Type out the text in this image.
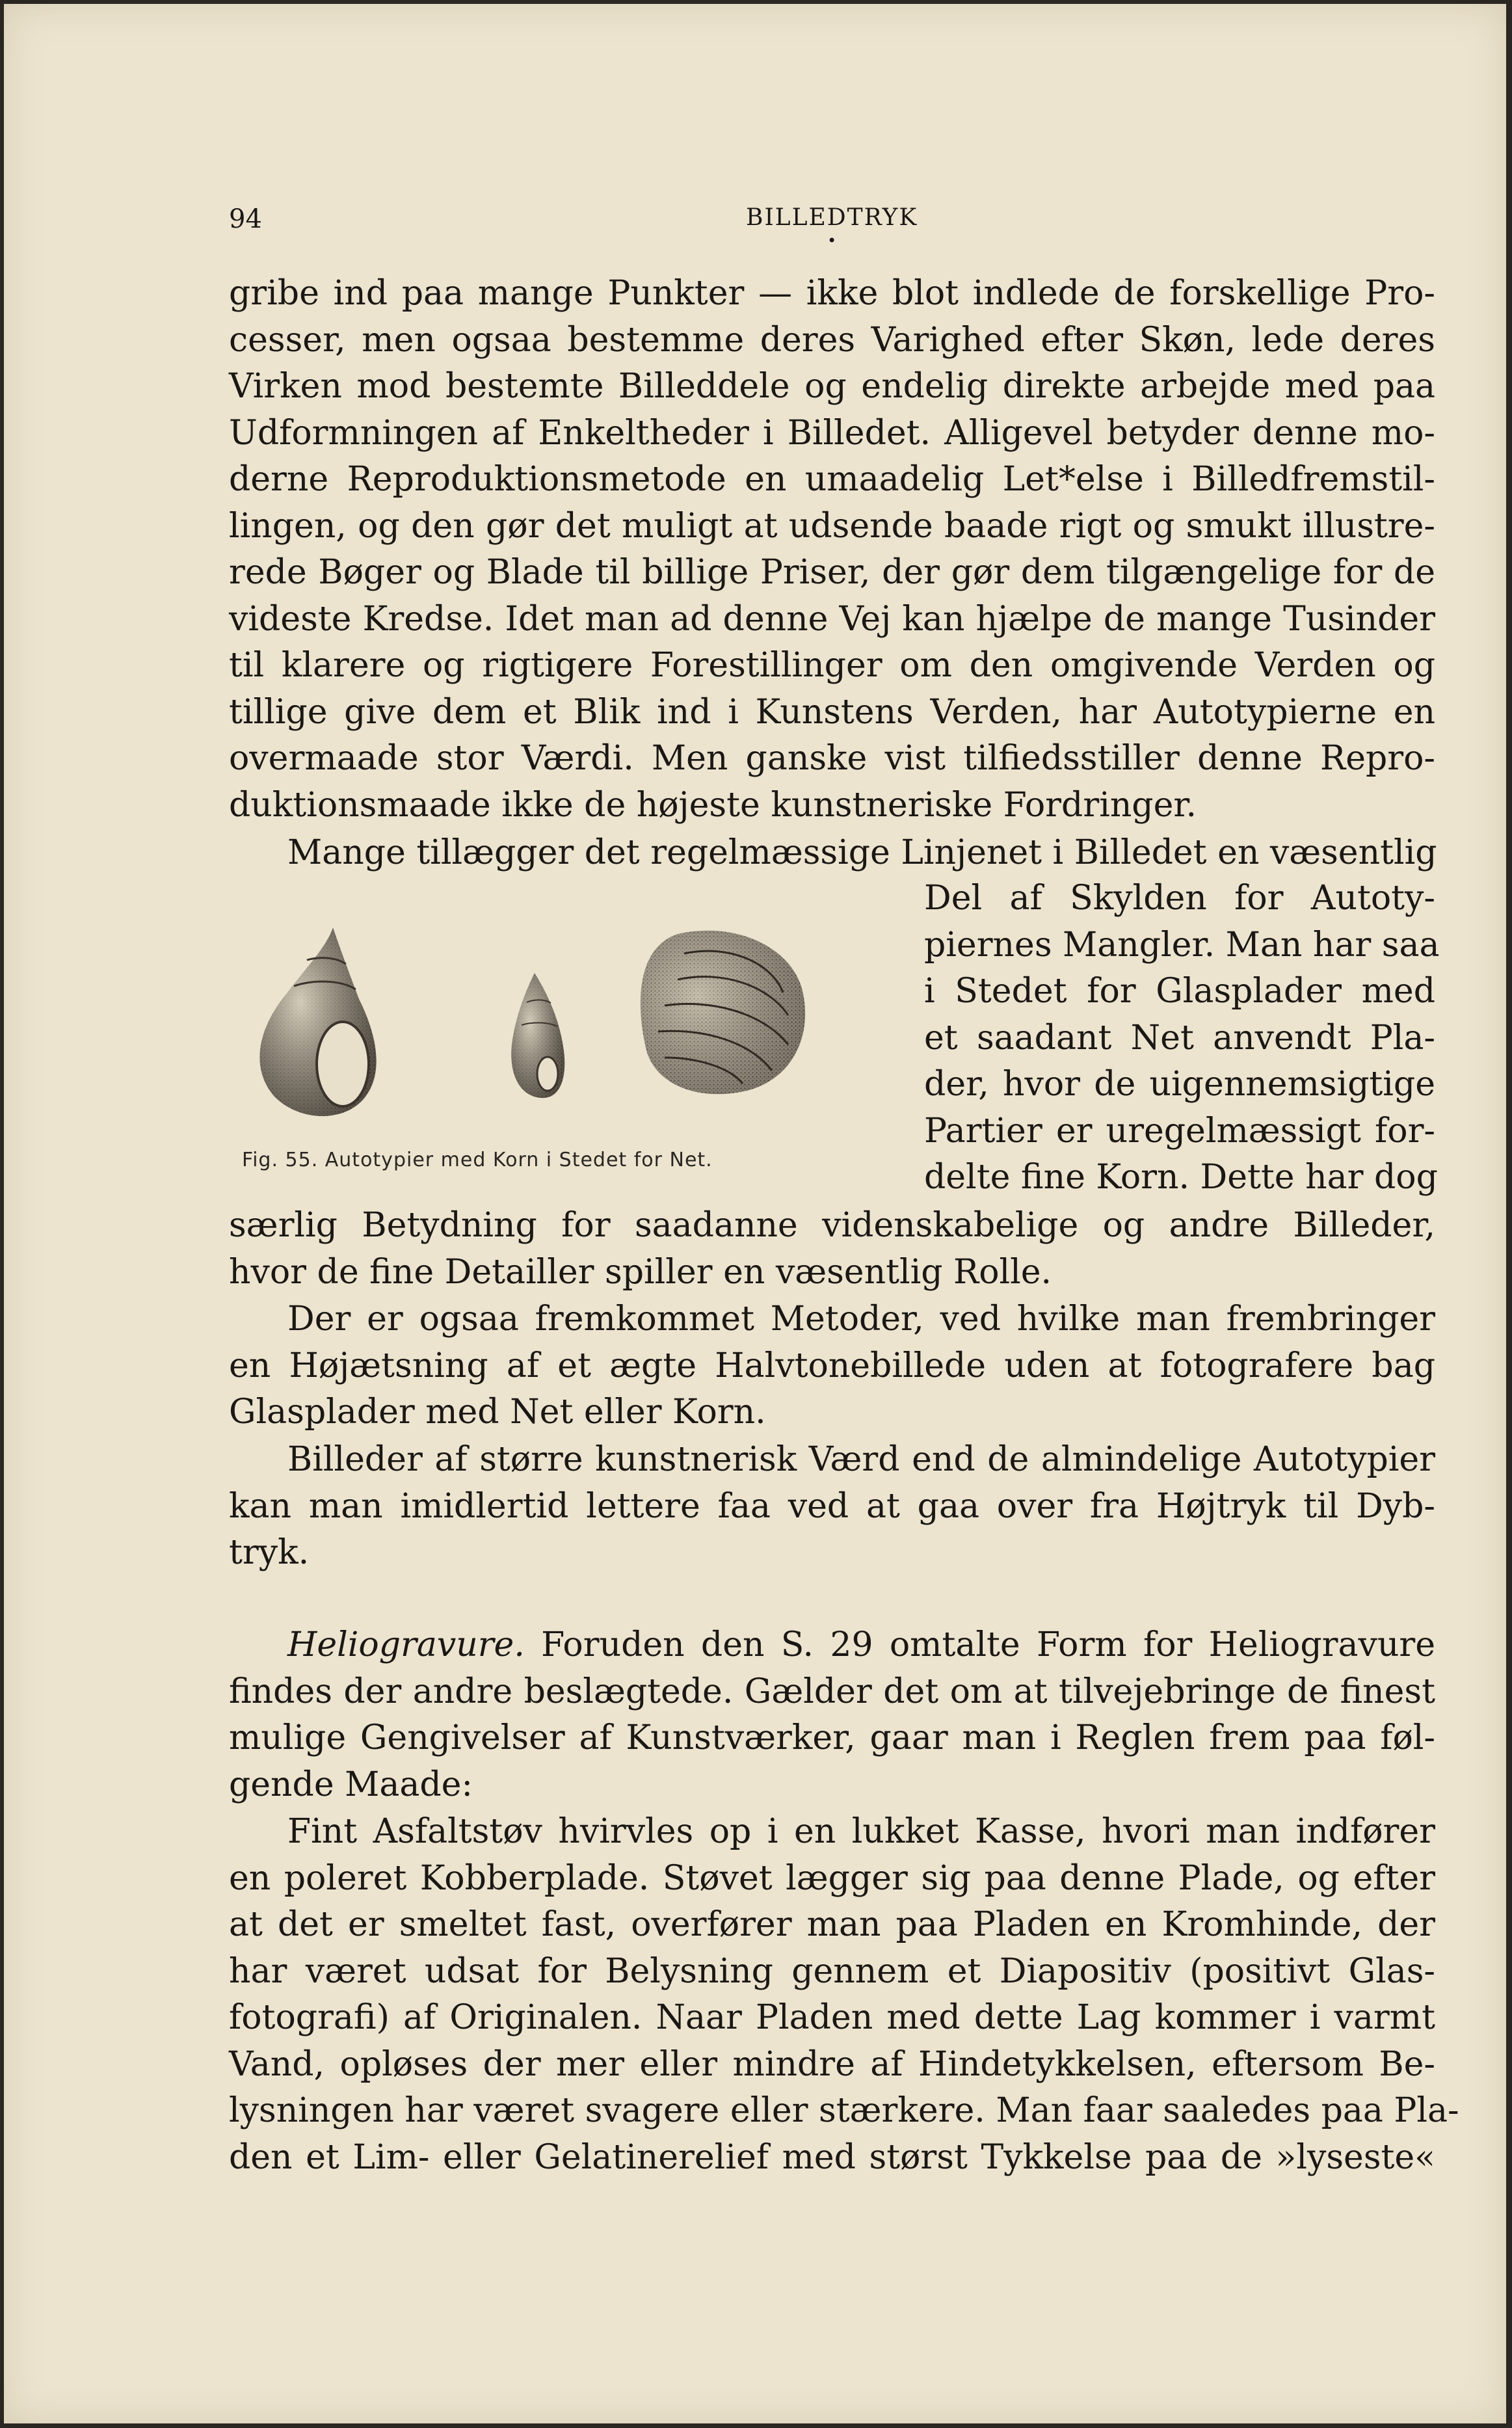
94	BILLEDTRYK
•
gribe ind paa mange Punkter — ikke blot indlede de forskellige Pro-
cesser, men ogsaa bestemme deres Varighed efter Skøn, lede deres
Virken mod bestemte Billeddele og endelig direkte arbejde med paa
Udformningen af Enkeltheder i Billedet. Alligevel betyder denne mo-
derne Reproduktionsmetode en umaadelig Let*else i Billedfremstil-
lingen, og den gør det muligt at udsende baade rigt og smukt illustre-
rede Bøger og Blade til billige Priser, der gør dem tilgængelige for de
videste Kredse. Idet man ad denne Vej kan hjælpe de mange Tusinder
til klarere og rigtigere Forestillinger om den omgivende Verden og
tillige give dem et Blik ind i Kunstens Verden, har Autotypierne en
overmaade stor Værdi. Men ganske vist tilfiedsstiller denne Repro-
duktionsmaade ikke de højeste kunstneriske Fordringer.
Mange tillægger det regelmæssige Linjenet i Billedet en væsentlig
Del af Skylden for Autoty-
piernes Mangler. Man har saa
i Stedet for Glasplader med
et saadant Net anvendt Pla-
der, hvor de uigennemsigtige
Partier er uregelmæssigt for-
delte fine Korn. Dette har dog
Fig. 55. Autotypier med Korn i Stedet for Net.
særlig Betydning for saadanne videnskabelige og andre Billeder,
hvor de fine Detailler spiller en væsentlig Rolle.
Der er ogsaa fremkommet Metoder, ved hvilke man frembringer
en Højætsning af et ægte Halvtonebillede uden at fotografere bag
Glasplader med Net eller Korn.
Billeder af større kunstnerisk Værd end de almindelige Autotypier
kan man imidlertid lettere faa ved at gaa over fra Højtryk til Dyb-
tryk.
Heliogravure. Foruden den S. 29 omtalte Form for Heliogravure
findes der andre beslægtede. Gælder det om at tilvejebringe de finest
mulige Gengivelser af Kunstværker, gaar man i Reglen frem paa føl-
gende Maade:
Fint Asfaltstøv hvirvles op i en lukket Kasse, hvori man indfører
en poleret Kobberplade. Støvet lægger sig paa denne Plade, og efter
at det er smeltet fast, overfører man paa Pladen en Kromhinde, der
har været udsat for Belysning gennem et Diapositiv (positivt Glas-
fotografi) af Originalen. Naar Pladen med dette Lag kommer i varmt
Vand, opløses der mer eller mindre af Hindetykkelsen, eftersom Be-
lysningen har været svagere eller stærkere. Man faar saaledes paa Pla-
den et Lim- eller Gelatinerelief med størst Tykkelse paa de »lyseste«
